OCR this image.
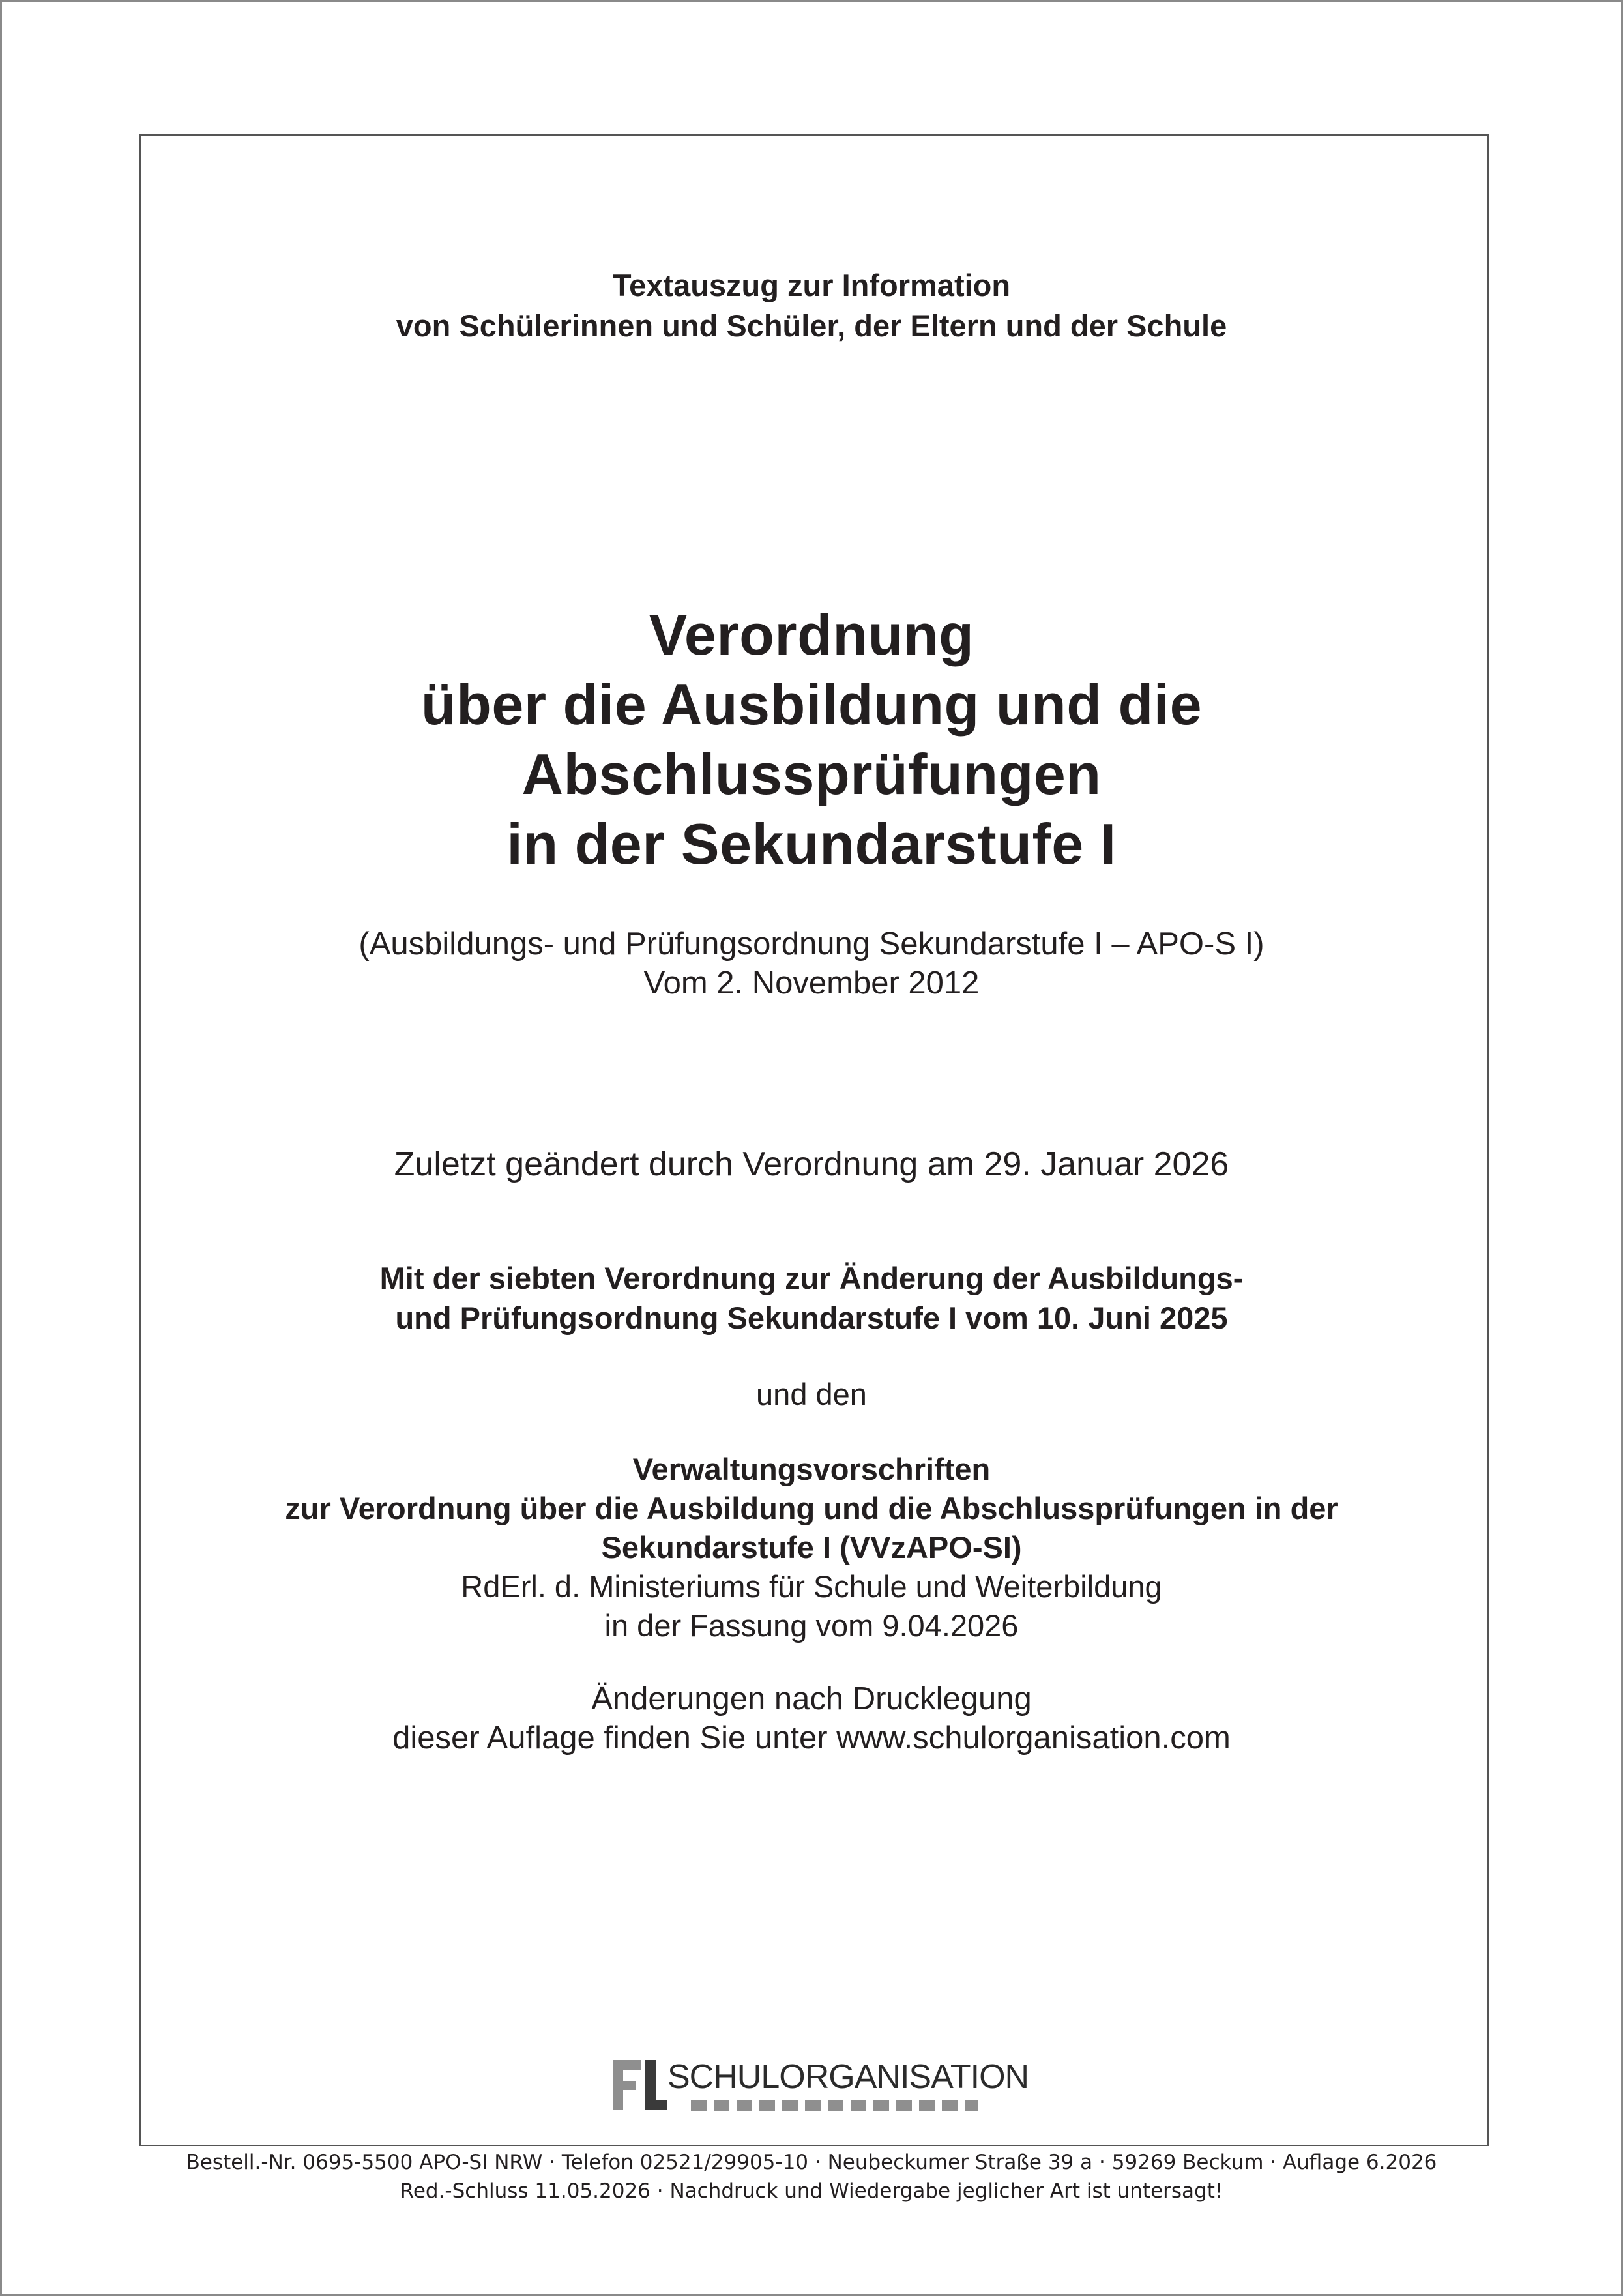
Textauszug zur Information
von Schülerinnen und Schüler, der Eltern und der Schule
Verordnung
über die Ausbildung und die
Abschlussprüfungen
in der Sekundarstufe I
(Ausbildungs- und Prüfungsordnung Sekundarstufe I – APO-S I)
Vom 2. November 2012
Zuletzt geändert durch Verordnung am 29. Januar 2026
Mit der siebten Verordnung zur Änderung der Ausbildungs-
und Prüfungsordnung Sekundarstufe I vom 10. Juni 2025
und den
Verwaltungsvorschriften
zur Verordnung über die Ausbildung und die Abschlussprüfungen in der
Sekundarstufe I (VVzAPO-SI)
RdErl. d. Ministeriums für Schule und Weiterbildung
in der Fassung vom 9.04.2026
Änderungen nach Drucklegung
dieser Auflage finden Sie unter www.schulorganisation.com
&
SCHULORGANISATION
Bestell.-Nr. 0695-5500 APO-SI NRW · Telefon 02521/29905-10 · Neubeckumer Straße 39 a · 59269 Beckum · Auflage 6.2026
Red.-Schluss 11.05.2026 · Nachdruck und Wiedergabe jeglicher Art ist untersagt!
